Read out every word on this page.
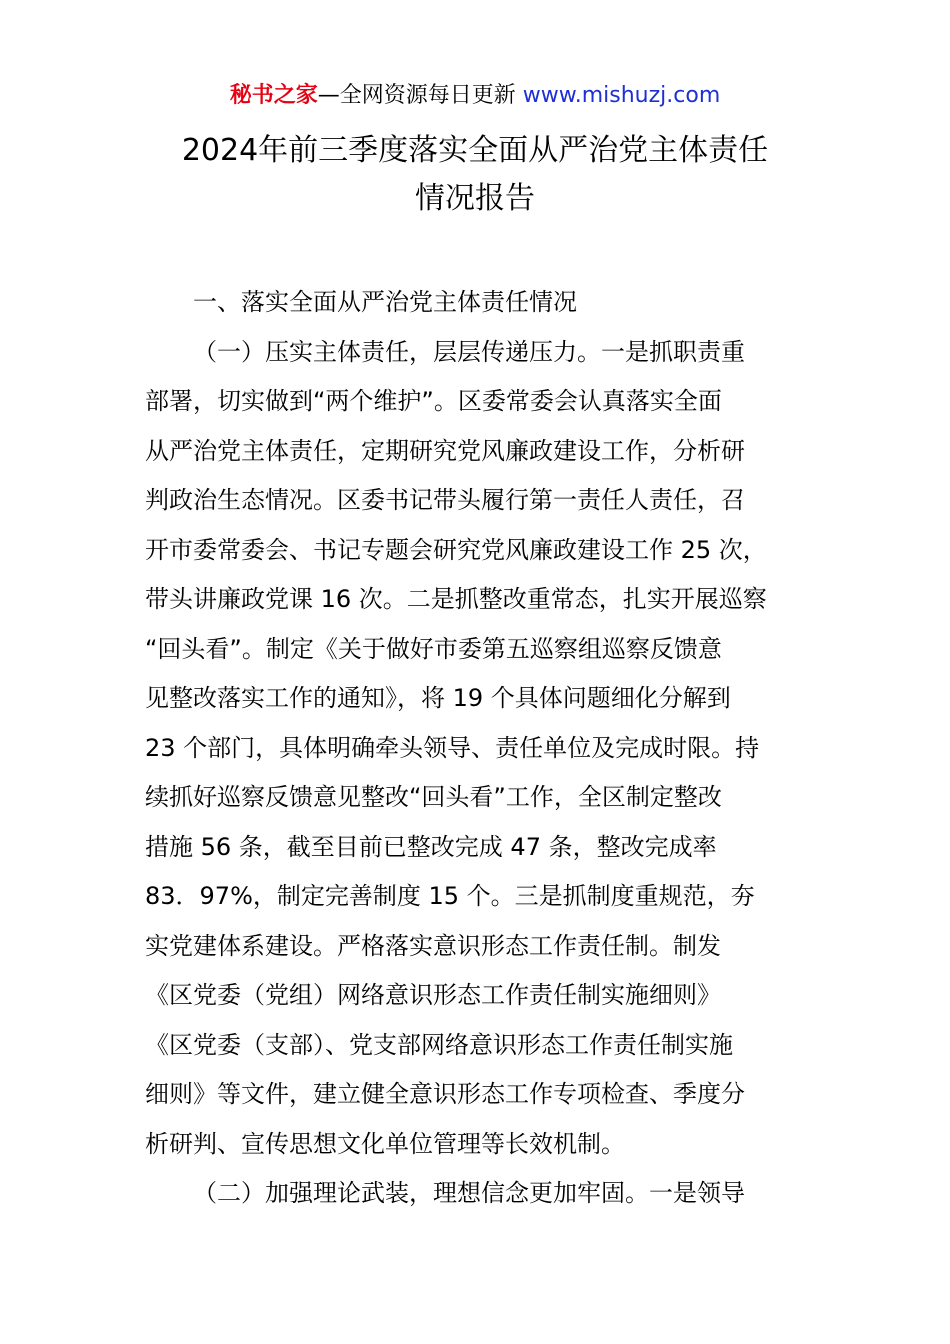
秘书之家—全网资源每日更新 www.mishuzj.com
2024年前三季度落实全面从严治党主体责任
情况报告

一、落实全面从严治党主体责任情况

（一）压实主体责任，层层传递压力。一是抓职责重
部署，切实做到“两个维护”。区委常委会认真落实全面
从严治党主体责任，定期研究党风廉政建设工作，分析研
判政治生态情况。区委书记带头履行第一责任人责任，召
开市委常委会、书记专题会研究党风廉政建设工作 25 次，
带头讲廉政党课 16 次。二是抓整改重常态，扎实开展巡察
“回头看”。制定《关于做好市委第五巡察组巡察反馈意
见整改落实工作的通知》，将 19 个具体问题细化分解到
23 个部门，具体明确牵头领导、责任单位及完成时限。持
续抓好巡察反馈意见整改“回头看”工作，全区制定整改
措施 56 条，截至目前已整改完成 47 条，整改完成率
83．97%，制定完善制度 15 个。三是抓制度重规范，夯
实党建体系建设。严格落实意识形态工作责任制。制发
《区党委（党组）网络意识形态工作责任制实施细则》
《区党委（支部）、党支部网络意识形态工作责任制实施
细则》等文件，建立健全意识形态工作专项检查、季度分
析研判、宣传思想文化单位管理等长效机制。

（二）加强理论武装，理想信念更加牢固。一是领导
